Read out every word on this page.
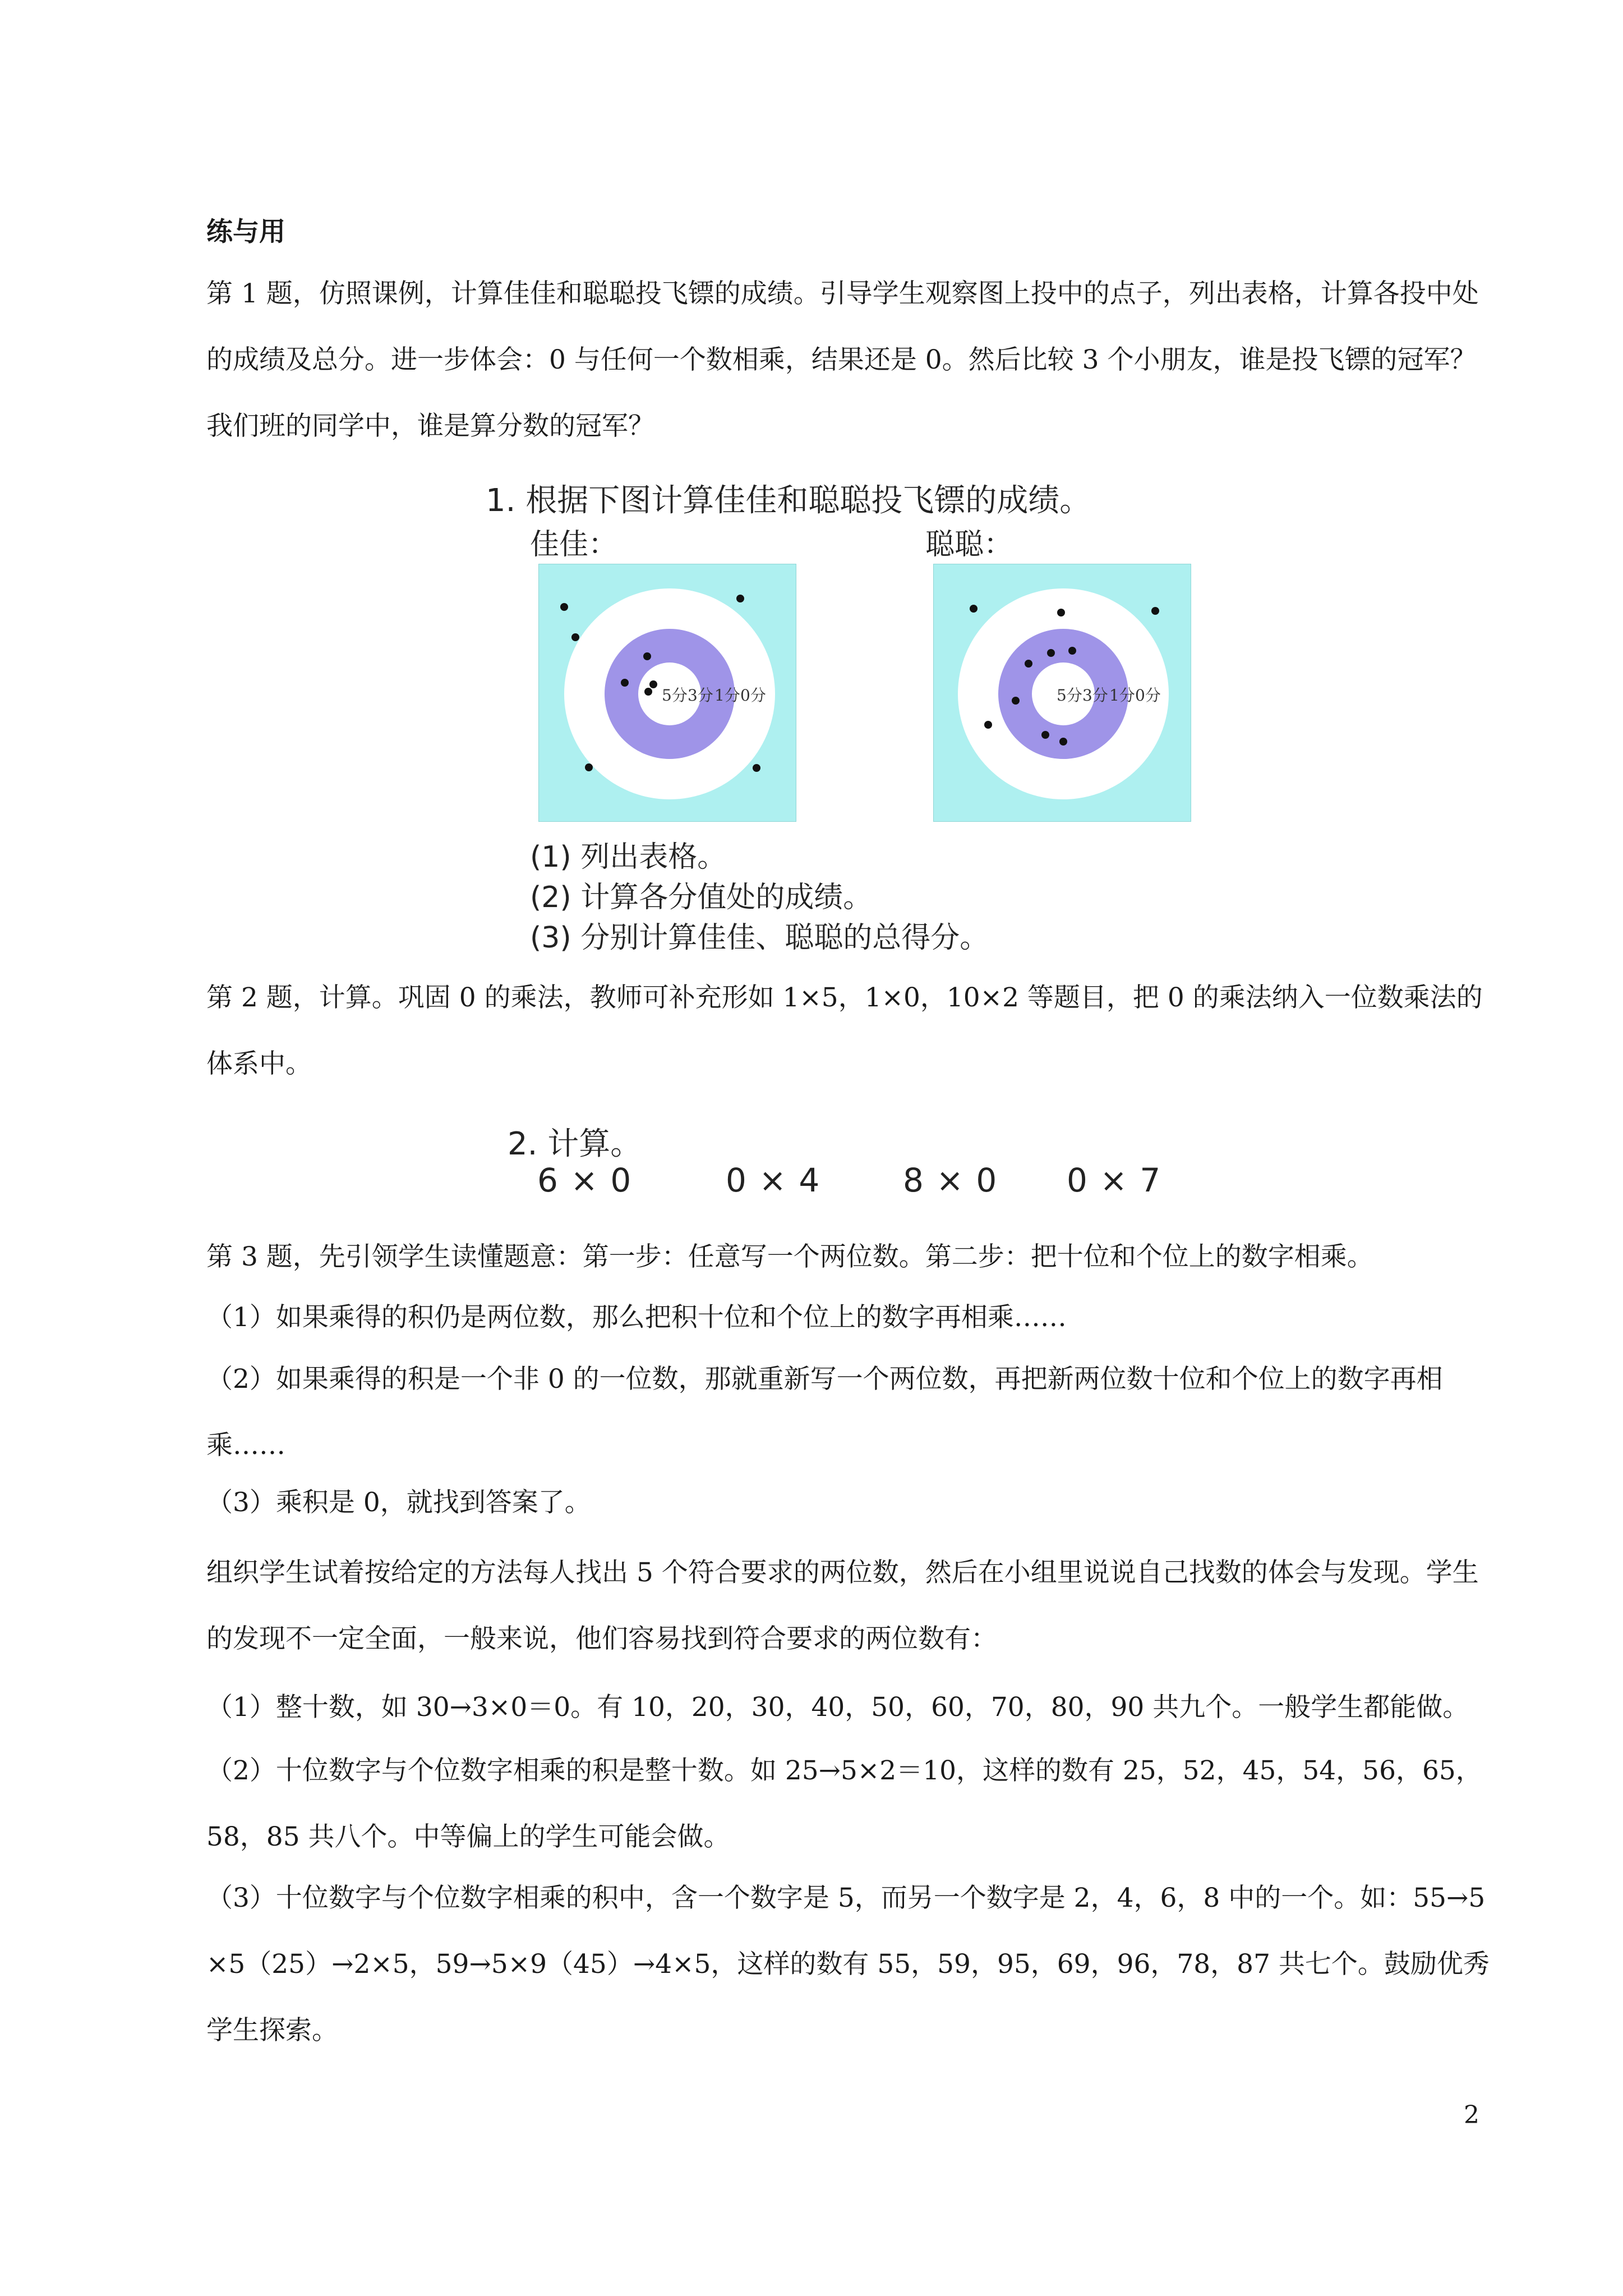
练与用

第 1 题，仿照课例，计算佳佳和聪聪投飞镖的成绩。引导学生观察图上投中的点子，列出表格，计算各投中处的成绩及总分。进一步体会：0 与任何一个数相乘，结果还是 0。然后比较 3 个小朋友，谁是投飞镖的冠军？我们班的同学中，谁是算分数的冠军？

1. 根据下图计算佳佳和聪聪投飞镖的成绩。
佳佳：	聪聪：
5分 3分 1分 0分	5分 3分 1分 0分
(1) 列出表格。
(2) 计算各分值处的成绩。
(3) 分别计算佳佳、聪聪的总得分。

第 2 题，计算。巩固 0 的乘法，教师可补充形如 1×5，1×0，10×2 等题目，把 0 的乘法纳入一位数乘法的体系中。

2. 计算。
6 × 0	0 × 4	8 × 0 0 × 7

第 3 题，先引领学生读懂题意：第一步：任意写一个两位数。第二步：把十位和个位上的数字相乘。

（1）如果乘得的积仍是两位数，那么把积十位和个位上的数字再相乘……

（2）如果乘得的积是一个非 0 的一位数，那就重新写一个两位数，再把新两位数十位和个位上的数字再相乘……

（3）乘积是 0，就找到答案了。

组织学生试着按给定的方法每人找出 5 个符合要求的两位数，然后在小组里说说自己找数的体会与发现。学生的发现不一定全面，一般来说，他们容易找到符合要求的两位数有：

（1）整十数，如 30→3×0＝0。有 10，20，30，40，50，60，70，80，90 共九个。一般学生都能做。

（2）十位数字与个位数字相乘的积是整十数。如 25→5×2＝10，这样的数有 25，52，45，54，56，65，58，85 共八个。中等偏上的学生可能会做。

（3）十位数字与个位数字相乘的积中，含一个数字是 5，而另一个数字是 2，4，6，8 中的一个。如：55→5×5（25）→2×5，59→5×9（45）→4×5，这样的数有 55，59，95，69，96，78，87 共七个。鼓励优秀学生探索。

2
